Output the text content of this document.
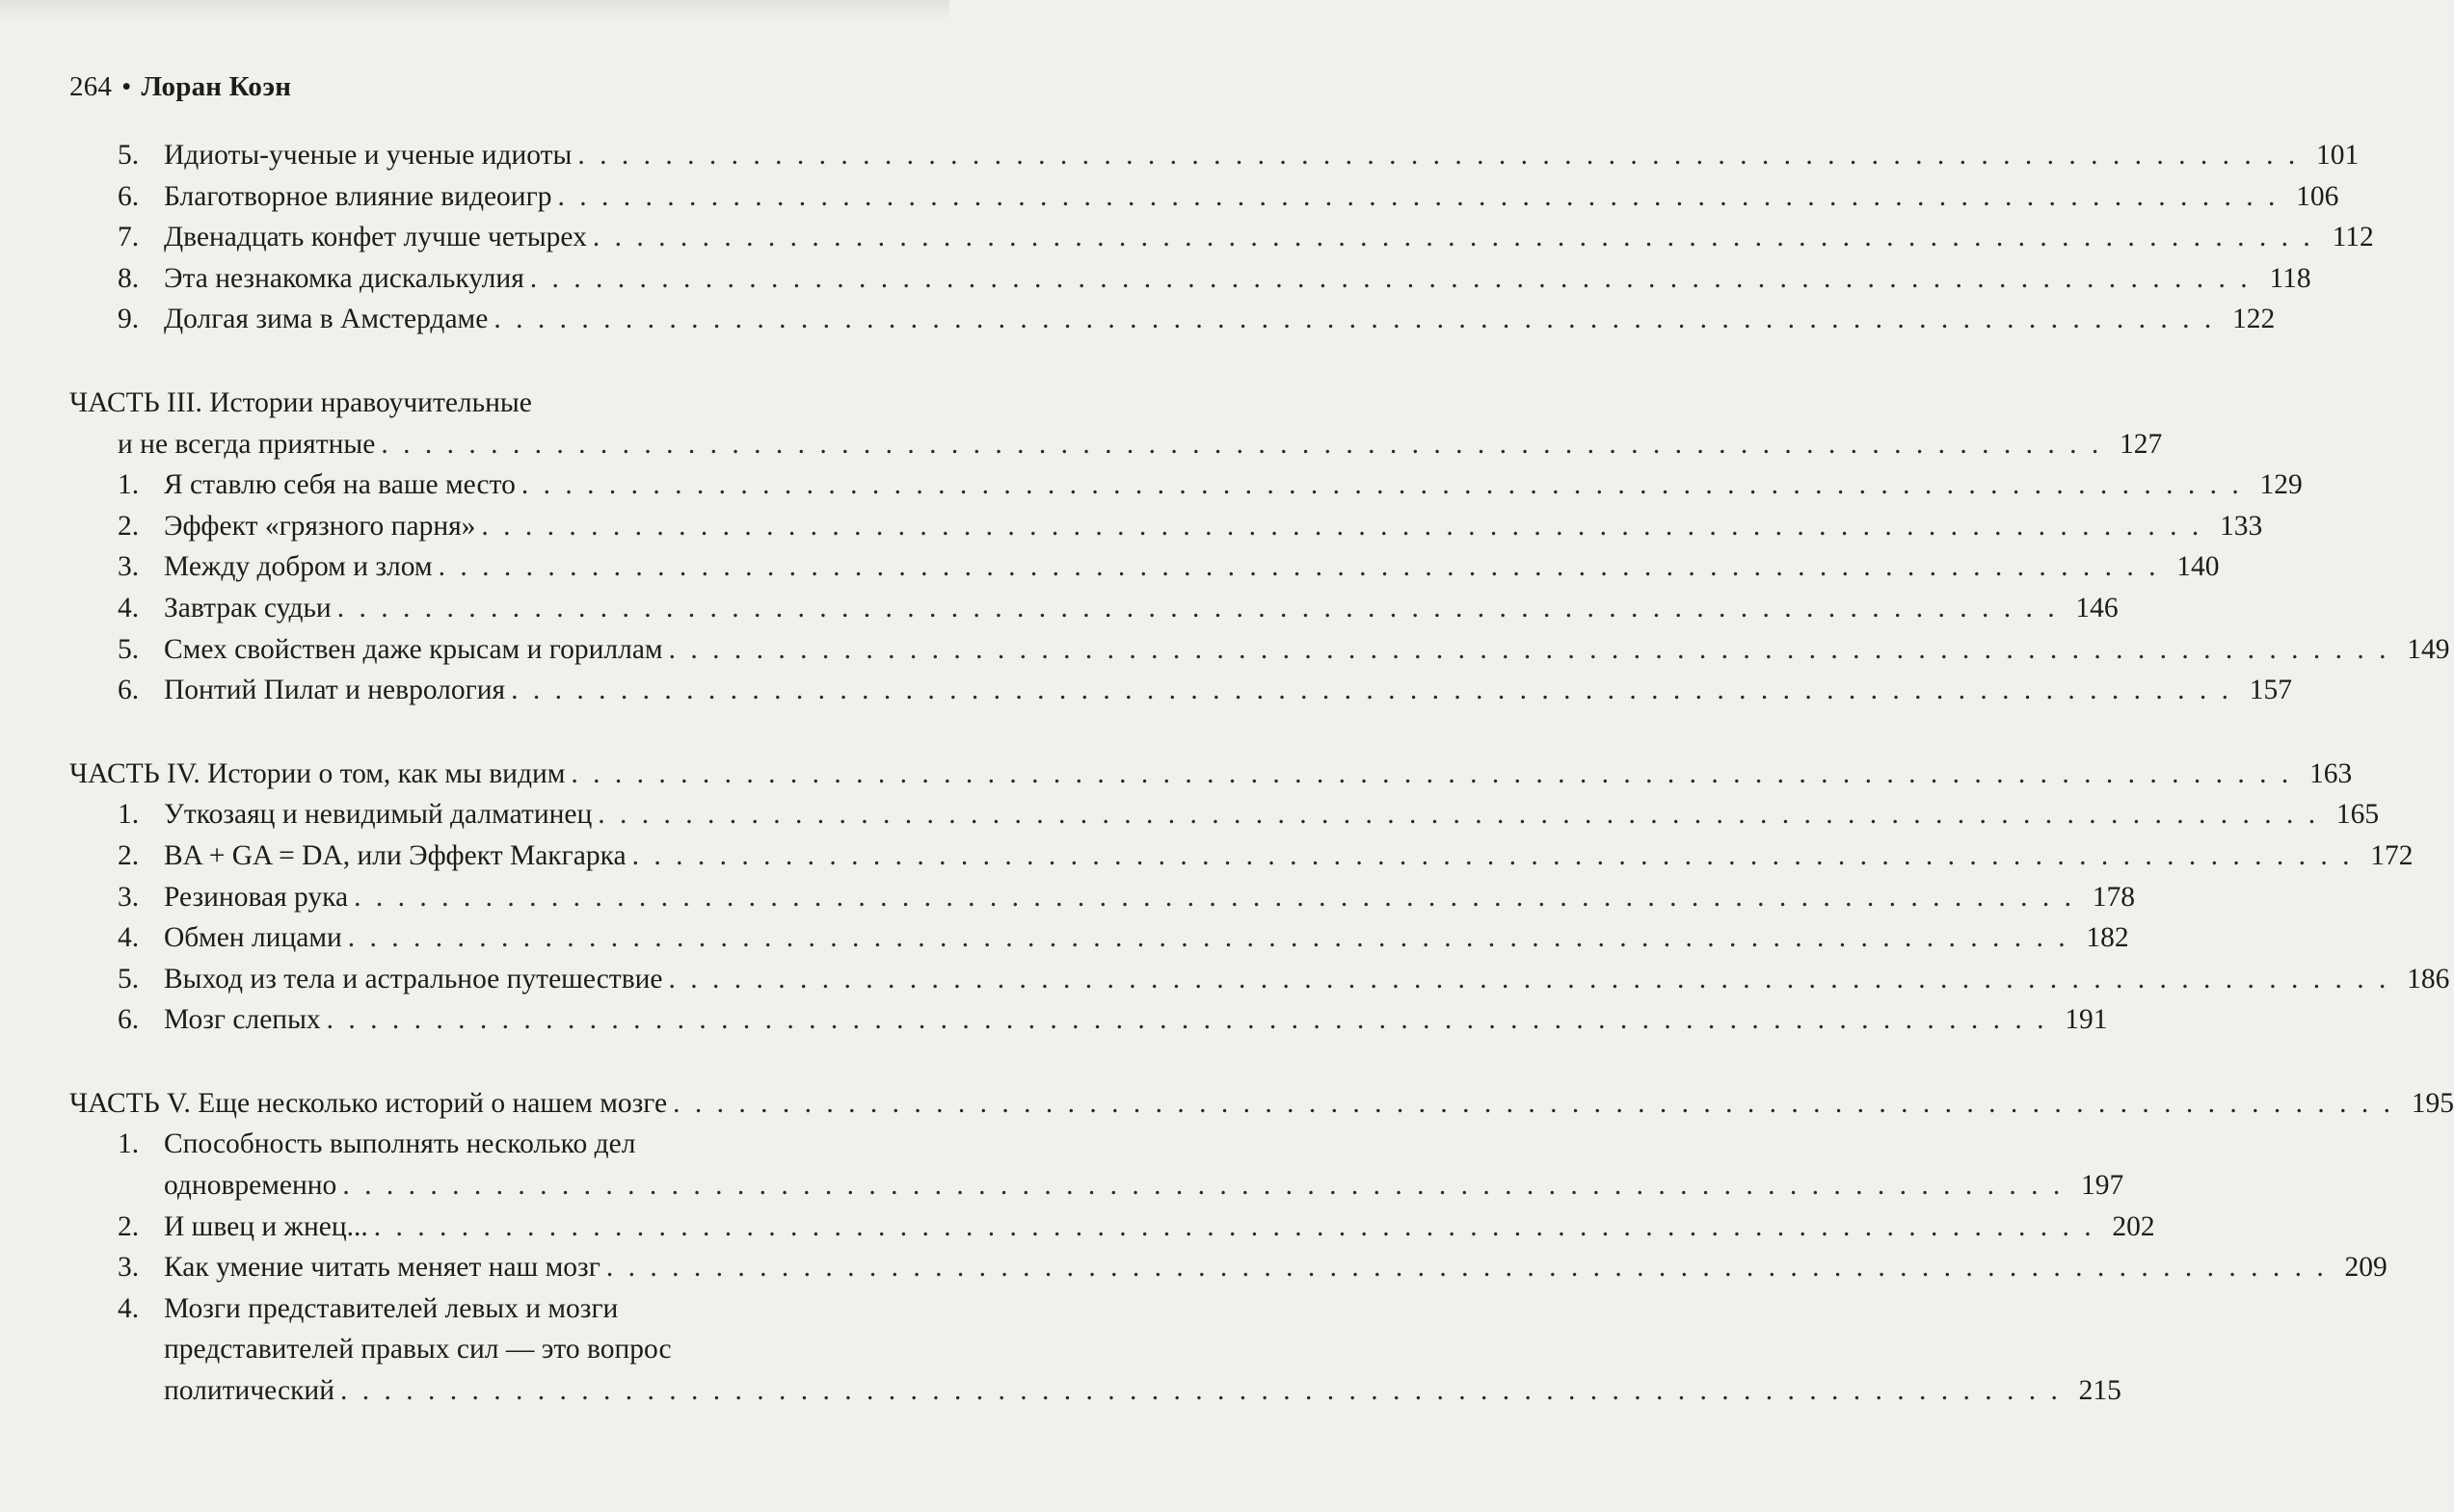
264 • Лоран Коэн
5. Идиоты-ученые и ученые идиоты . . . . . . . . . . . . . . . . . . . . . . . . . . . . . . . . . . . . . . . . . . . . . . . . . . . . . . . . . . . . . . . . . . . . . . . . . . . . . . . 101
6. Благотворное влияние видеоигр . . . . . . . . . . . . . . . . . . . . . . . . . . . . . . . . . . . . . . . . . . . . . . . . . . . . . . . . . . . . . . . . . . . . . . . . . . . . . . . 106
7. Двенадцать конфет лучше четырех . . . . . . . . . . . . . . . . . . . . . . . . . . . . . . . . . . . . . . . . . . . . . . . . . . . . . . . . . . . . . . . . . . . . . . . . . . . . . . . 112
8. Эта незнакомка дискалькулия . . . . . . . . . . . . . . . . . . . . . . . . . . . . . . . . . . . . . . . . . . . . . . . . . . . . . . . . . . . . . . . . . . . . . . . . . . . . . . . 118
9. Долгая зима в Амстердаме . . . . . . . . . . . . . . . . . . . . . . . . . . . . . . . . . . . . . . . . . . . . . . . . . . . . . . . . . . . . . . . . . . . . . . . . . . . . . . . 122
ЧАСТЬ III. Истории нравоучительные
и не всегда приятные . . . . . . . . . . . . . . . . . . . . . . . . . . . . . . . . . . . . . . . . . . . . . . . . . . . . . . . . . . . . . . . . . . . . . . . . . . . . . . . 127
1. Я ставлю себя на ваше место . . . . . . . . . . . . . . . . . . . . . . . . . . . . . . . . . . . . . . . . . . . . . . . . . . . . . . . . . . . . . . . . . . . . . . . . . . . . . . . 129
2. Эффект «грязного парня» . . . . . . . . . . . . . . . . . . . . . . . . . . . . . . . . . . . . . . . . . . . . . . . . . . . . . . . . . . . . . . . . . . . . . . . . . . . . . . . 133
3. Между добром и злом . . . . . . . . . . . . . . . . . . . . . . . . . . . . . . . . . . . . . . . . . . . . . . . . . . . . . . . . . . . . . . . . . . . . . . . . . . . . . . . 140
4. Завтрак судьи . . . . . . . . . . . . . . . . . . . . . . . . . . . . . . . . . . . . . . . . . . . . . . . . . . . . . . . . . . . . . . . . . . . . . . . . . . . . . . . 146
5. Смех свойствен даже крысам и гориллам . . . . . . . . . . . . . . . . . . . . . . . . . . . . . . . . . . . . . . . . . . . . . . . . . . . . . . . . . . . . . . . . . . . . . . . . . . . . . . . 149
6. Понтий Пилат и неврология . . . . . . . . . . . . . . . . . . . . . . . . . . . . . . . . . . . . . . . . . . . . . . . . . . . . . . . . . . . . . . . . . . . . . . . . . . . . . . . 157
ЧАСТЬ IV. Истории о том, как мы видим . . . . . . . . . . . . . . . . . . . . . . . . . . . . . . . . . . . . . . . . . . . . . . . . . . . . . . . . . . . . . . . . . . . . . . . . . . . . . . . 163
1. Уткозаяц и невидимый далматинец . . . . . . . . . . . . . . . . . . . . . . . . . . . . . . . . . . . . . . . . . . . . . . . . . . . . . . . . . . . . . . . . . . . . . . . . . . . . . . . 165
2. BA + GA = DA, или Эффект Макгарка . . . . . . . . . . . . . . . . . . . . . . . . . . . . . . . . . . . . . . . . . . . . . . . . . . . . . . . . . . . . . . . . . . . . . . . . . . . . . . . 172
3. Резиновая рука . . . . . . . . . . . . . . . . . . . . . . . . . . . . . . . . . . . . . . . . . . . . . . . . . . . . . . . . . . . . . . . . . . . . . . . . . . . . . . . 178
4. Обмен лицами . . . . . . . . . . . . . . . . . . . . . . . . . . . . . . . . . . . . . . . . . . . . . . . . . . . . . . . . . . . . . . . . . . . . . . . . . . . . . . . 182
5. Выход из тела и астральное путешествие . . . . . . . . . . . . . . . . . . . . . . . . . . . . . . . . . . . . . . . . . . . . . . . . . . . . . . . . . . . . . . . . . . . . . . . . . . . . . . . 186
6. Мозг слепых . . . . . . . . . . . . . . . . . . . . . . . . . . . . . . . . . . . . . . . . . . . . . . . . . . . . . . . . . . . . . . . . . . . . . . . . . . . . . . . 191
ЧАСТЬ V. Еще несколько историй о нашем мозге . . . . . . . . . . . . . . . . . . . . . . . . . . . . . . . . . . . . . . . . . . . . . . . . . . . . . . . . . . . . . . . . . . . . . . . . . . . . . . . 195
1. Способность выполнять несколько дел
одновременно . . . . . . . . . . . . . . . . . . . . . . . . . . . . . . . . . . . . . . . . . . . . . . . . . . . . . . . . . . . . . . . . . . . . . . . . . . . . . . . 197
2. И швец и жнец... . . . . . . . . . . . . . . . . . . . . . . . . . . . . . . . . . . . . . . . . . . . . . . . . . . . . . . . . . . . . . . . . . . . . . . . . . . . . . . . 202
3. Как умение читать меняет наш мозг . . . . . . . . . . . . . . . . . . . . . . . . . . . . . . . . . . . . . . . . . . . . . . . . . . . . . . . . . . . . . . . . . . . . . . . . . . . . . . . 209
4. Мозги представителей левых и мозги
представителей правых сил — это вопрос
политический . . . . . . . . . . . . . . . . . . . . . . . . . . . . . . . . . . . . . . . . . . . . . . . . . . . . . . . . . . . . . . . . . . . . . . . . . . . . . . . 215
